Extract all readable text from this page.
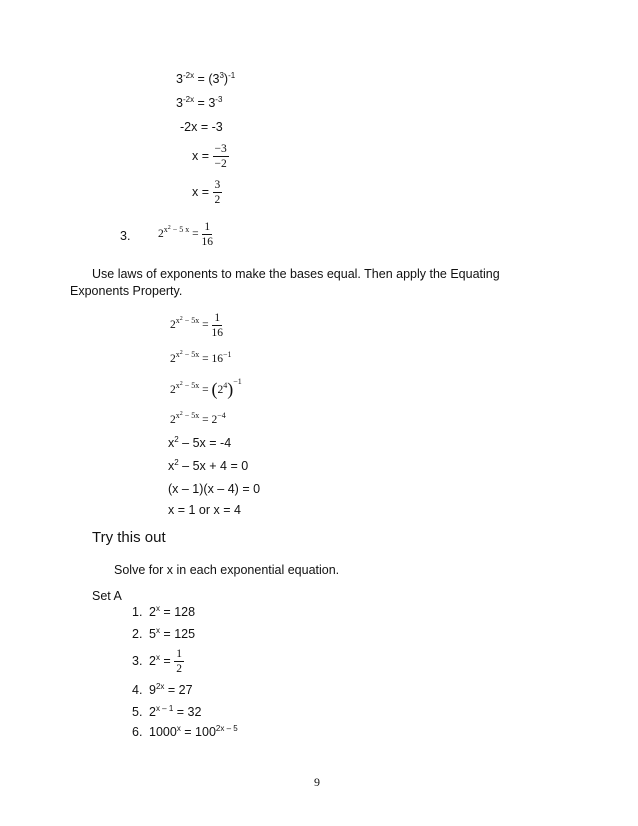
$3^{-2x} = (3^3)^{-1}$
$3^{-2x} = 3^{-3}$
-2x = -3
$x = \frac{-3}{-2}$
$x = \frac{3}{2}$
3. $2^{x^2 - 5 x} = \frac{1}{16}$
Use laws of exponents to make the bases equal. Then apply the Equating Exponents Property.
$2^{x^2 - 5x} = \frac{1}{16}$
$2^{x^2 - 5x} = 16^{-1}$
$2^{x^2 - 5x} = (2^4)^{-1}$
$2^{x^2 - 5x} = 2^{-4}$
$x^2 - 5x = -4$
$x^2 - 5x + 4 = 0$
(x – 1)(x – 4) = 0
x = 1 or x = 4
Try this out
Solve for x in each exponential equation.
Set A
1. $2^x = 128$
2. $5^x = 125$
3. $2^x = \frac{1}{2}$
4. $9^{2x} = 27$
5. $2^{x - 1} = 32$
6. $1000^x = 100^{2x - 5}$
9
